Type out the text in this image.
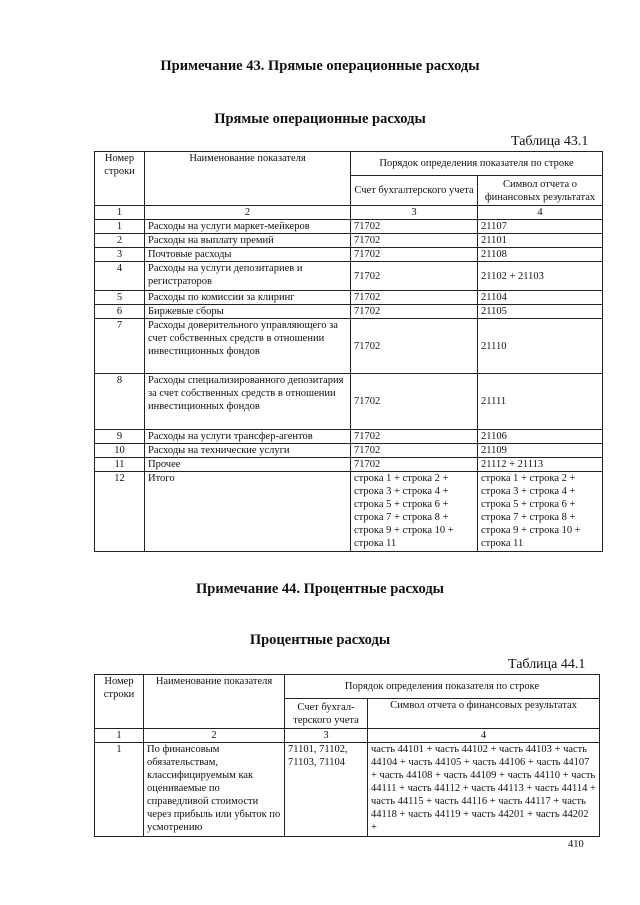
Примечание 43. Прямые операционные расходы
Прямые операционные расходы
Таблица 43.1
Номер строки	Наименование показателя	Порядок определения показателя по строке	
		Счет бухгалтерского учета	Символ отчета о финансовых результатах
1	2	3	4
1	Расходы на услуги маркет-мейкеров	71702	21107
2	Расходы на выплату премий	71702	21101
3	Почтовые расходы	71702	21108
4	Расходы на услуги депозитариев и регистраторов	71702	21102 + 21103
5	Расходы по комиссии за клиринг	71702	21104
6	Биржевые сборы	71702	21105
7	Расходы доверительного управляющего за счет собственных средств в отношении инвестиционных фондов	71702	21110
8	Расходы специализированного депозитария за счет собственных средств в отношении инвестиционных фондов	71702	21111
9	Расходы на услуги трансфер-агентов	71702	21106
10	Расходы на технические услуги	71702	21109
11	Прочее	71702	21112 + 21113
12	Итого	строка 1 + строка 2 + строка 3 + строка 4 + строка 5 + строка 6 + строка 7 + строка 8 + строка 9 + строка 10 + строка 11	строка 1 + строка 2 + строка 3 + строка 4 + строка 5 + строка 6 + строка 7 + строка 8 + строка 9 + строка 10 + строка 11
Примечание 44. Процентные расходы
Процентные расходы
Таблица 44.1
Номер строки	Наименование показателя	Порядок определения показателя по строке	
		Счет бухгал-терского учета	Символ отчета о финансовых результатах
1	2	3	4
1	По финансовым обязательствам, классифицируемым как оцениваемые по справедливой стоимости через прибыль или убыток по усмотрению	71101, 71102, 71103, 71104	часть 44101 + часть 44102 + часть 44103 + часть 44104 + часть 44105 + часть 44106 + часть 44107 + часть 44108 + часть 44109 + часть 44110 + часть 44111 + часть 44112 + часть 44113 + часть 44114 + часть 44115 + часть 44116 + часть 44117 + часть 44118 + часть 44119 + часть 44201 + часть 44202 +
410
